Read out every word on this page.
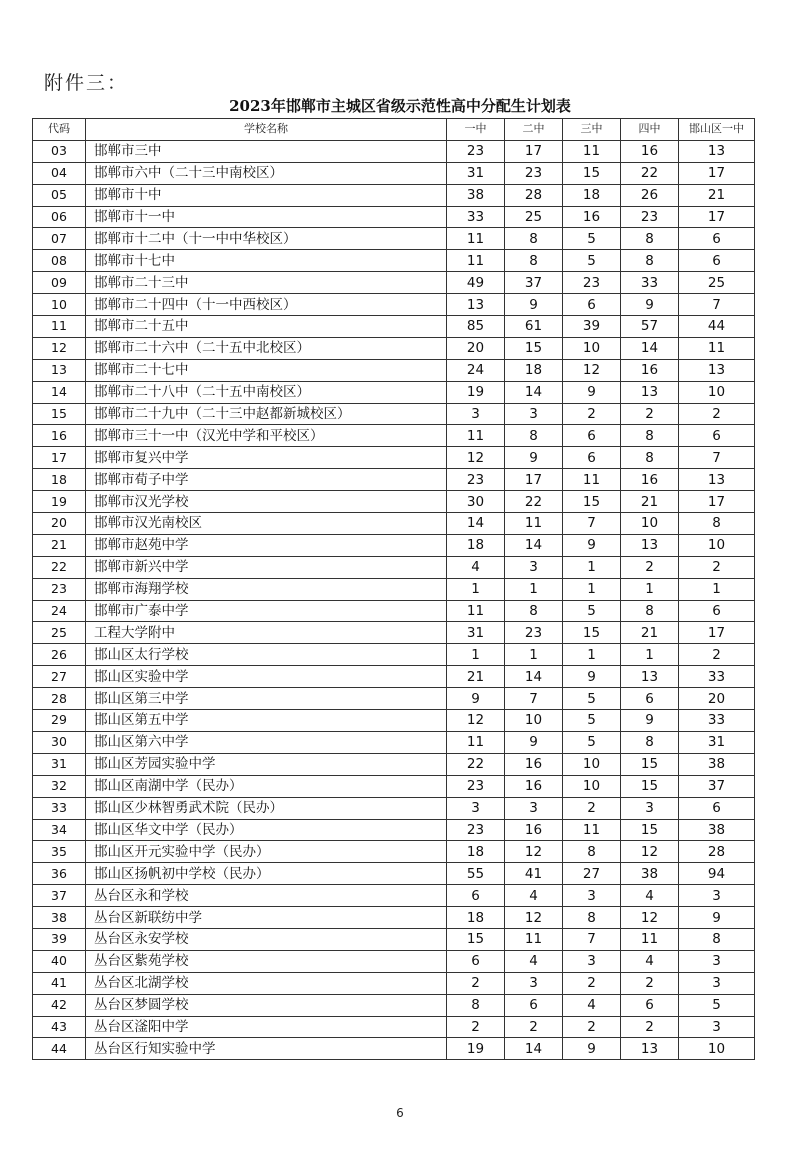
附件三：
2023年邯郸市主城区省级示范性高中分配生计划表
代码	学校名称	一中	二中	三中	四中	邯山区一中
03	邯郸市三中	23	17	11	16	13
04	邯郸市六中（二十三中南校区）	31	23	15	22	17
05	邯郸市十中	38	28	18	26	21
06	邯郸市十一中	33	25	16	23	17
07	邯郸市十二中（十一中中华校区）	11	8	5	8	6
08	邯郸市十七中	11	8	5	8	6
09	邯郸市二十三中	49	37	23	33	25
10	邯郸市二十四中（十一中西校区）	13	9	6	9	7
11	邯郸市二十五中	85	61	39	57	44
12	邯郸市二十六中（二十五中北校区）	20	15	10	14	11
13	邯郸市二十七中	24	18	12	16	13
14	邯郸市二十八中（二十五中南校区）	19	14	9	13	10
15	邯郸市二十九中（二十三中赵都新城校区）	3	3	2	2	2
16	邯郸市三十一中（汉光中学和平校区）	11	8	6	8	6
17	邯郸市复兴中学	12	9	6	8	7
18	邯郸市荀子中学	23	17	11	16	13
19	邯郸市汉光学校	30	22	15	21	17
20	邯郸市汉光南校区	14	11	7	10	8
21	邯郸市赵苑中学	18	14	9	13	10
22	邯郸市新兴中学	4	3	1	2	2
23	邯郸市海翔学校	1	1	1	1	1
24	邯郸市广泰中学	11	8	5	8	6
25	工程大学附中	31	23	15	21	17
26	邯山区太行学校	1	1	1	1	2
27	邯山区实验中学	21	14	9	13	33
28	邯山区第三中学	9	7	5	6	20
29	邯山区第五中学	12	10	5	9	33
30	邯山区第六中学	11	9	5	8	31
31	邯山区芳园实验中学	22	16	10	15	38
32	邯山区南湖中学（民办）	23	16	10	15	37
33	邯山区少林智勇武术院（民办）	3	3	2	3	6
34	邯山区华文中学（民办）	23	16	11	15	38
35	邯山区开元实验中学（民办）	18	12	8	12	28
36	邯山区扬帆初中学校（民办）	55	41	27	38	94
37	丛台区永和学校	6	4	3	4	3
38	丛台区新联纺中学	18	12	8	12	9
39	丛台区永安学校	15	11	7	11	8
40	丛台区紫苑学校	6	4	3	4	3
41	丛台区北湖学校	2	3	2	2	3
42	丛台区梦圆学校	8	6	4	6	5
43	丛台区滏阳中学	2	2	2	2	3
44	丛台区行知实验中学	19	14	9	13	10
6
